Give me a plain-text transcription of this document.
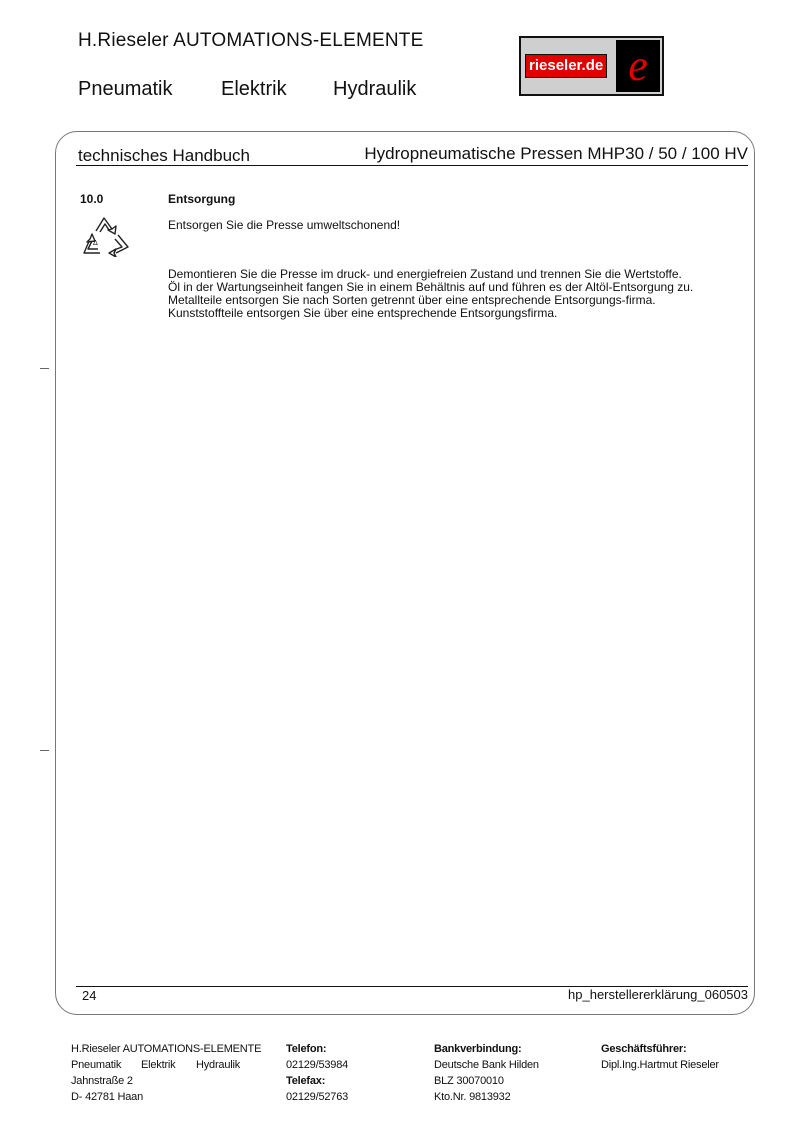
H.Rieseler AUTOMATIONS-ELEMENTE
Pneumatik Elektrik Hydraulik
rieseler.de e
technisches Handbuch	Hydropneumatische Pressen MHP30 / 50 / 100 HV
10.0	Entsorgung
Δ
Entsorgen Sie die Presse umweltschonend!

Demontieren Sie die Presse im druck- und energiefreien Zustand und trennen Sie die Wertstoffe.

Öl in der Wartungseinheit fangen Sie in einem Behältnis auf und führen es der Altöl-Entsorgung zu.

Metallteile entsorgen Sie nach Sorten getrennt über eine entsprechende Entsorgungs-firma.

Kunststoffteile entsorgen Sie über eine entsprechende Entsorgungsfirma.

24	hp_herstellererklärung_060503
H.Rieseler AUTOMATIONS-ELEMENTE
Pneumatik Elektrik Hydraulik
Jahnstraße 2
D- 42781 Haan
Telefon:
02129/53984
Telefax:
02129/52763
Bankverbindung:
Deutsche Bank Hilden
BLZ 30070010
Kto.Nr. 9813932
Geschäftsführer:
Dipl.Ing.Hartmut Rieseler
